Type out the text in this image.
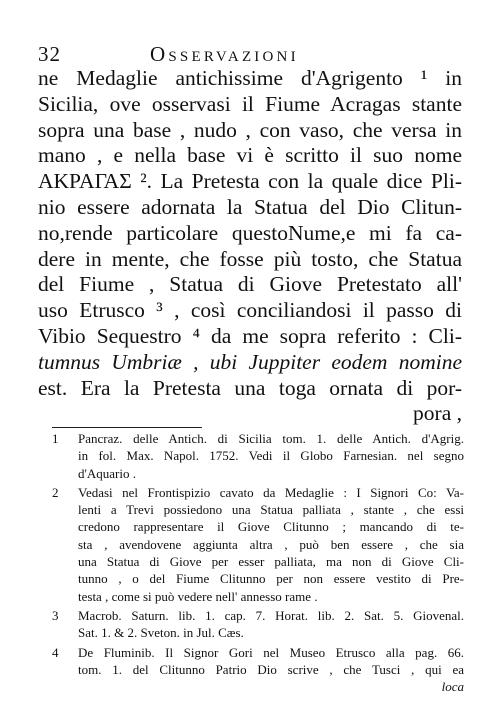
32	Osservazioni
ne Medaglie antichissime d'Agrigento ¹ in
Sicilia, ove osservasi il Fiume Acragas stante
sopra una base , nudo , con vaso, che versa in
mano , e nella base vi è scritto il suo nome
ΑΚΡΑΓΑΣ ². La Pretesta con la quale dice Pli-
nio essere adornata la Statua del Dio Clitun-
no,rende particolare questoNume,e mi fa ca-
dere in mente, che fosse più tosto, che Statua
del Fiume , Statua di Giove Pretestato all'
uso Etrusco ³ , così conciliandosi il passo di
Vibio Sequestro ⁴ da me sopra referito : Cli-
tumnus Umbriæ , ubi Juppiter eodem nomine
est. Era la Pretesta una toga ornata di por-
pora ,
1 Pancraz. delle Antich. di Sicilia tom. 1. delle Antich. d'Agrig.
in fol. Max. Napol. 1752. Vedi il Globo Farnesian. nel segno
d'Aquario .
2 Vedasi nel Frontispizio cavato da Medaglie : I Signori Co: Va-
lenti a Trevi possiedono una Statua palliata , stante , che essi
credono rappresentare il Giove Clitunno ; mancando di te-
sta , avendovene aggiunta altra , può ben essere , che sia
una Statua di Giove per esser palliata, ma non di Giove Cli-
tunno , o del Fiume Clitunno per non essere vestito di Pre-
testa , come si può vedere nell' annesso rame .
3 Macrob. Saturn. lib. 1. cap. 7. Horat. lib. 2. Sat. 5. Giovenal.
Sat. 1. & 2. Sveton. in Jul. Cæs.
4 De Fluminib. Il Signor Gori nel Museo Etrusco alla pag. 66.
tom. 1. del Clitunno Patrio Dio scrive , che Tusci , qui ea
loca
